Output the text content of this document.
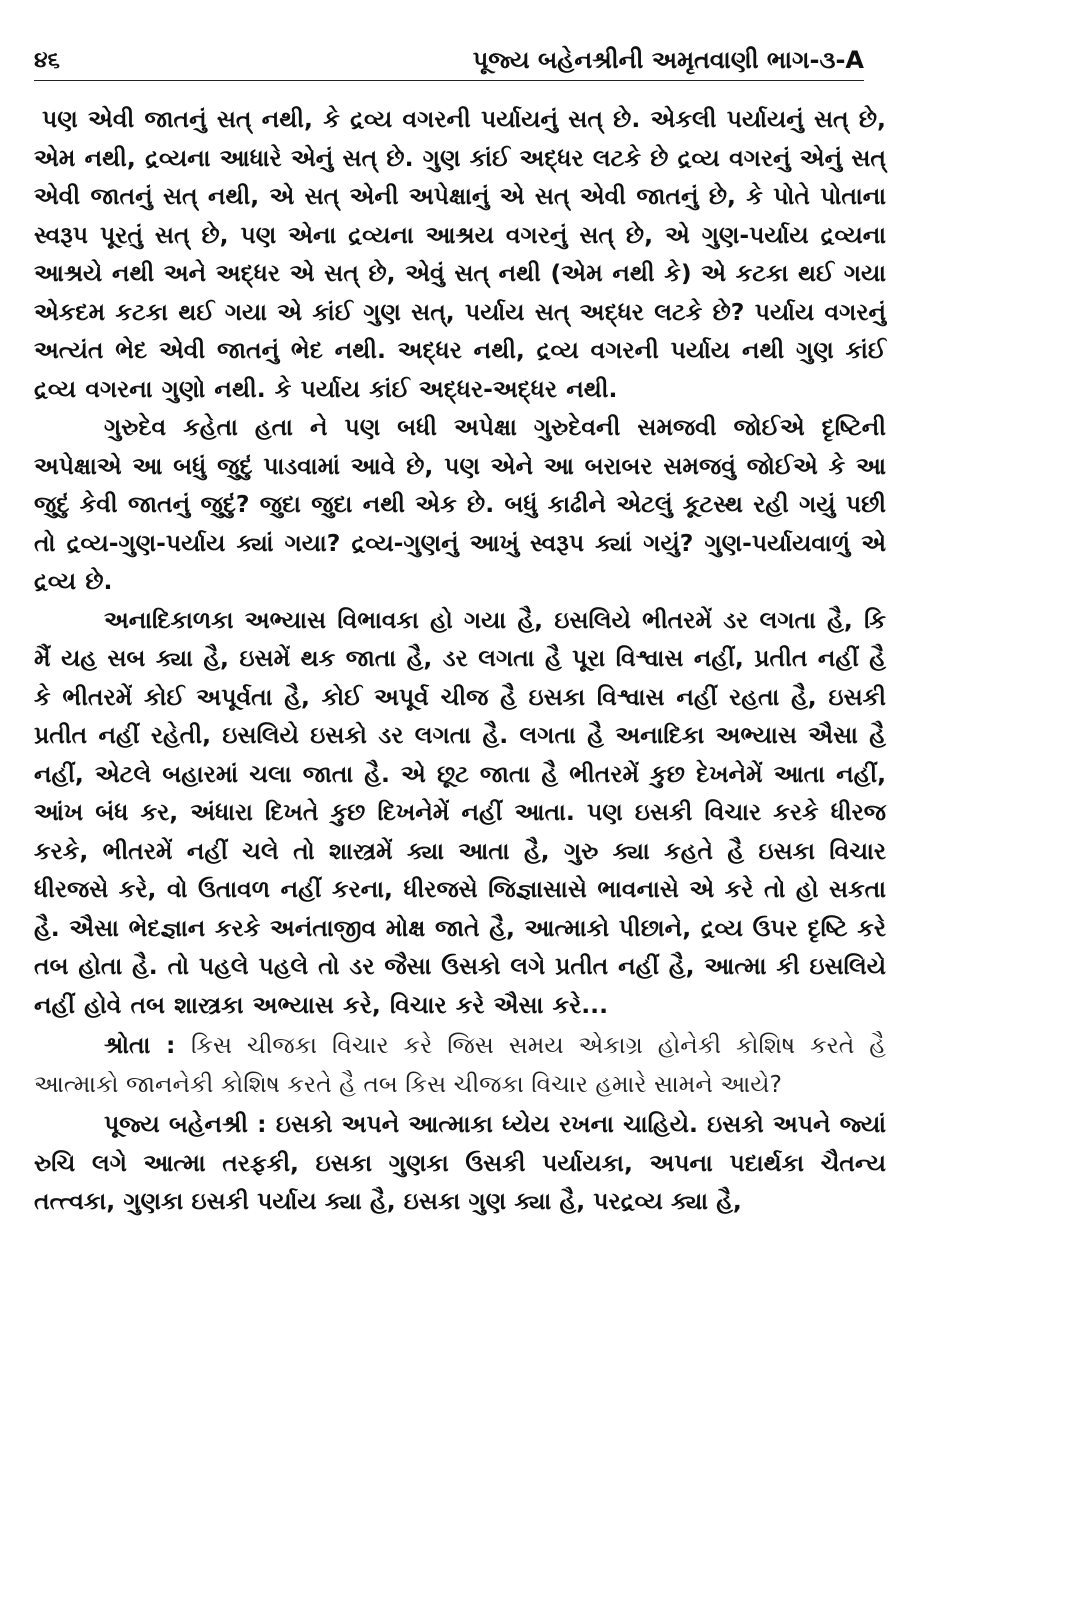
૪૬	પૂજ્ય બહેનશ્રીની અમૃતવાણી ભાગ-૩-A

પણ એવી જાતનું સત્ નથી, કે દ્રવ્ય વગરની પર્યાયનું સત્ છે. એકલી પર્યાયનું સત્ છે, એમ નથી, દ્રવ્યના આધારે એનું સત્ છે. ગુણ કાંઈ અદ્ધર લટકે છે દ્રવ્ય વગરનું એનું સત્ એવી જાતનું સત્ નથી, એ સત્ એની અપેક્ષાનું એ સત્ એવી જાતનું છે, કે પોતે પોતાના સ્વરૂપ પૂરતું સત્ છે, પણ એના દ્રવ્યના આશ્રય વગરનું સત્ છે, એ ગુણ-પર્યાય દ્રવ્યના આશ્રયે નથી અને અદ્ધર એ સત્ છે, એવું સત્ નથી (એમ નથી કે) એ કટકા થઈ ગયા એકદમ કટકા થઈ ગયા એ કાંઈ ગુણ સત્, પર્યાય સત્ અદ્ધર લટકે છે? પર્યાય વગરનું અત્યંત ભેદ એવી જાતનું ભેદ નથી. અદ્ધર નથી, દ્રવ્ય વગરની પર્યાય નથી ગુણ કાંઈ દ્રવ્ય વગરના ગુણો નથી. કે પર્યાય કાંઈ અદ્ધર-અદ્ધર નથી.

ગુરુદેવ કહેતા હતા ને પણ બધી અપેક્ષા ગુરુદેવની સમજવી જોઈએ દૃષ્ટિની અપેક્ષાએ આ બધું જુદું પાડવામાં આવે છે, પણ એને આ બરાબર સમજવું જોઈએ કે આ જુદું કેવી જાતનું જુદું? જુદા જુદા નથી એક છે. બધું કાઢીને એટલું કૂટસ્થ રહી ગયું પછી તો દ્રવ્ય-ગુણ-પર્યાય ક્યાં ગયા? દ્રવ્ય-ગુણનું આખું સ્વરૂપ ક્યાં ગયું? ગુણ-પર્યાયવાળું એ દ્રવ્ય છે.

અનાદિકાળકા અભ્યાસ વિભાવકા હો ગયા હૈ, ઇસલિયે ભીતરમેં ડર લગતા હૈ, કિ મૈં યહ સબ ક્યા હૈ, ઇસમેં થક જાતા હૈ, ડર લગતા હૈ પૂરા વિશ્વાસ નહીં, પ્રતીત નહીં હૈ કે ભીતરમેં કોઈ અપૂર્વતા હૈ, કોઈ અપૂર્વ ચીજ હૈ ઇસકા વિશ્વાસ નહીં રહતા હૈ, ઇસકી પ્રતીત નહીં રહેતી, ઇસલિયે ઇસકો ડર લગતા હૈ. લગતા હૈ અનાદિકા અભ્યાસ ઐસા હૈ નહીં, એટલે બહારમાં ચલા જાતા હૈ. એ છૂટ જાતા હૈ ભીતરમેં કુછ દેખનેમેં આતા નહીં, આંખ બંધ કર, અંધારા દિખતે કુછ દિખનેમેં નહીં આતા. પણ ઇસકી વિચાર કરકે ધીરજ કરકે, ભીતરમેં નહીં ચલે તો શાસ્ત્રમેં ક્યા આતા હૈ, ગુરુ ક્યા કહતે હૈ ઇસકા વિચાર ધીરજસે કરે, વો ઉતાવળ નહીં કરના, ધીરજસે જિજ્ઞાસાસે ભાવનાસે એ કરે તો હો સકતા હૈ. ઐસા ભેદજ્ઞાન કરકે અનંતાજીવ મોક્ષ જાતે હૈ, આત્માકો પીછાને, દ્રવ્ય ઉપર દૃષ્ટિ કરે તબ હોતા હૈ. તો પહલે પહલે તો ડર જૈસા ઉસકો લગે પ્રતીત નહીં હૈ, આત્મા કી ઇસલિયે નહીં હોવે તબ શાસ્ત્રકા અભ્યાસ કરે, વિચાર કરે ઐસા કરે...

શ્રોતા : કિસ ચીજકા વિચાર કરે જિસ સમય એકાગ્ર હોનેકી કોશિષ કરતે હૈ આત્માકો જાનનેકી કોશિષ કરતે હૈ તબ કિસ ચીજકા વિચાર હમારે સામને આયે?

પૂજ્ય બહેનશ્રી : ઇસકો અપને આત્માકા ધ્યેય રખના ચાહિયે. ઇસકો અપને જ્યાં રુચિ લગે આત્મા તરફકી, ઇસકા ગુણકા ઉસકી પર્યાયકા, અપના પદાર્થકા ચૈતન્ય તત્ત્વકા, ગુણકા ઇસકી પર્યાય ક્યા હૈ, ઇસકા ગુણ ક્યા હૈ, પરદ્રવ્ય ક્યા હૈ,
